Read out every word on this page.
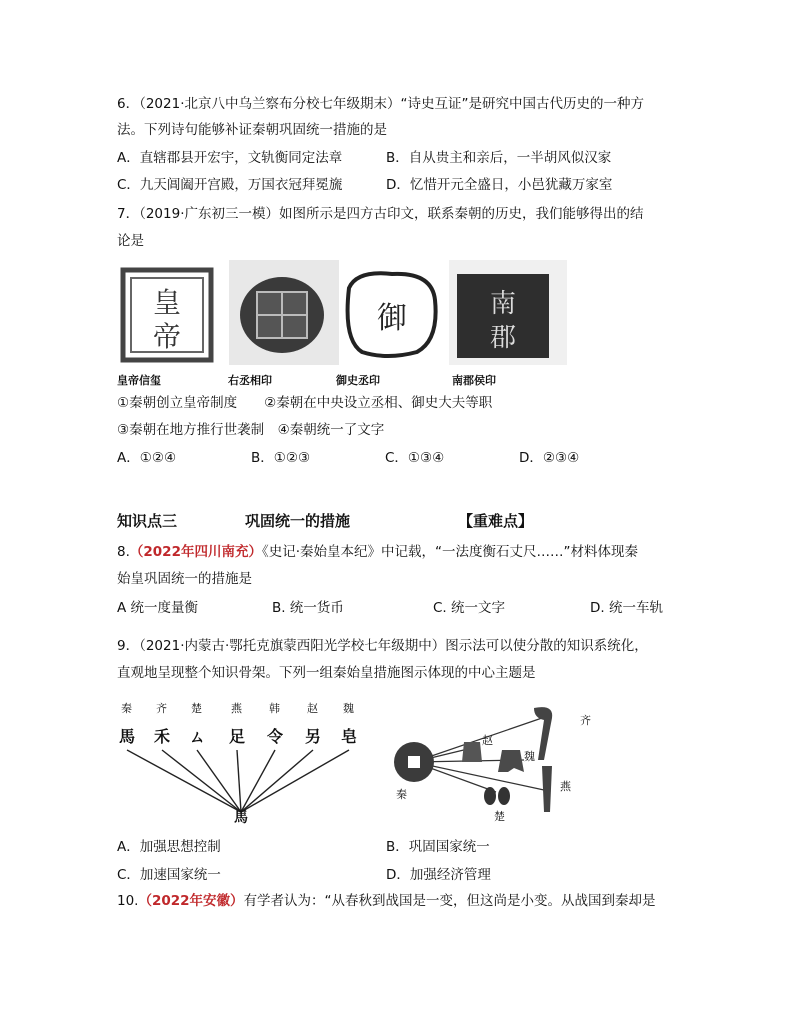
6．（2021·北京八中乌兰察布分校七年级期末）“诗史互证”是研究中国古代历史的一种方
法。下列诗句能够补证秦朝巩固统一措施的是
A．直辖郡县开宏宇，文轨衡同定法章	B．自从贵主和亲后，一半胡风似汉家
C．九天阊阖开宫殿，万国衣冠拜冕旒	D．忆惜开元全盛日，小邑犹藏万家室
7．（2019·广东初三一模）如图所示是四方古印文，联系秦朝的历史，我们能够得出的结
论是
皇
帝
御	南
郡
皇帝信玺	右丞相印	御史丞印	南郡侯印
①秦朝创立皇帝制度　　②秦朝在中央设立丞相、御史大夫等职
③秦朝在地方推行世袭制　④秦朝统一了文字
A．①②④	B．①②③	C．①③④	D．②③④
知识点三	巩固统一的措施	【重难点】
8.（2022年四川南充）《史记·秦始皇本纪》中记载，“一法度衡石丈尺……”材料体现秦
始皇巩固统一的措施是
A 统一度量衡	B. 统一货币	C. 统一文字	D. 统一车轨
9．（2021·内蒙古·鄂托克旗蒙西阳光学校七年级期中）图示法可以使分散的知识系统化，
直观地呈现整个知识骨架。下列一组秦始皇措施图示体现的中心主题是
馬 禾 ㄙ 足 令 另 皂
馬
秦 齐 楚	燕 韩 赵 魏
齐
赵
魏
燕
秦
楚
A．加强思想控制	B．巩固国家统一
C．加速国家统一	D．加强经济管理
10.（2022年安徽）有学者认为：“从春秋到战国是一变，但这尚是小变。从战国到秦却是
